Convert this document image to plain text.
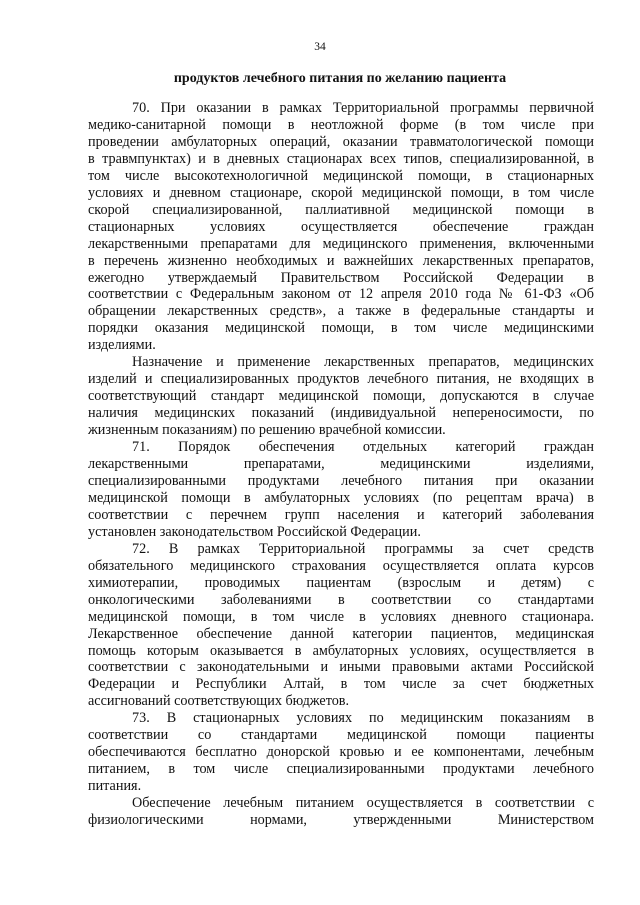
34
продуктов лечебного питания по желанию пациента

70. При оказании в рамках Территориальной программы первичной
медико-санитарной помощи в неотложной форме (в том числе при
проведении амбулаторных операций, оказании травматологической помощи
в травмпунктах) и в дневных стационарах всех типов, специализированной, в
том числе высокотехнологичной медицинской помощи, в стационарных
условиях и дневном стационаре, скорой медицинской помощи, в том числе
скорой специализированной, паллиативной медицинской помощи в
стационарных условиях осуществляется обеспечение граждан
лекарственными препаратами для медицинского применения, включенными
в перечень жизненно необходимых и важнейших лекарственных препаратов,
ежегодно утверждаемый Правительством Российской Федерации в
соответствии с Федеральным законом от 12 апреля 2010 года № 61-ФЗ «Об
обращении лекарственных средств», а также в федеральные стандарты и
порядки оказания медицинской помощи, в том числе медицинскими
изделиями.

Назначение и применение лекарственных препаратов, медицинских
изделий и специализированных продуктов лечебного питания, не входящих в
соответствующий стандарт медицинской помощи, допускаются в случае
наличия медицинских показаний (индивидуальной непереносимости, по
жизненным показаниям) по решению врачебной комиссии.

71. Порядок обеспечения отдельных категорий граждан
лекарственными препаратами, медицинскими изделиями,
специализированными продуктами лечебного питания при оказании
медицинской помощи в амбулаторных условиях (по рецептам врача) в
соответствии с перечнем групп населения и категорий заболевания
установлен законодательством Российской Федерации.

72. В рамках Территориальной программы за счет средств
обязательного медицинского страхования осуществляется оплата курсов
химиотерапии, проводимых пациентам (взрослым и детям) с
онкологическими заболеваниями в соответствии со стандартами
медицинской помощи, в том числе в условиях дневного стационара.
Лекарственное обеспечение данной категории пациентов, медицинская
помощь которым оказывается в амбулаторных условиях, осуществляется в
соответствии с законодательными и иными правовыми актами Российской
Федерации и Республики Алтай, в том числе за счет бюджетных
ассигнований соответствующих бюджетов.

73. В стационарных условиях по медицинским показаниям в
соответствии со стандартами медицинской помощи пациенты
обеспечиваются бесплатно донорской кровью и ее компонентами, лечебным
питанием, в том числе специализированными продуктами лечебного
питания.

Обеспечение лечебным питанием осуществляется в соответствии с
физиологическими нормами, утвержденными Министерством
